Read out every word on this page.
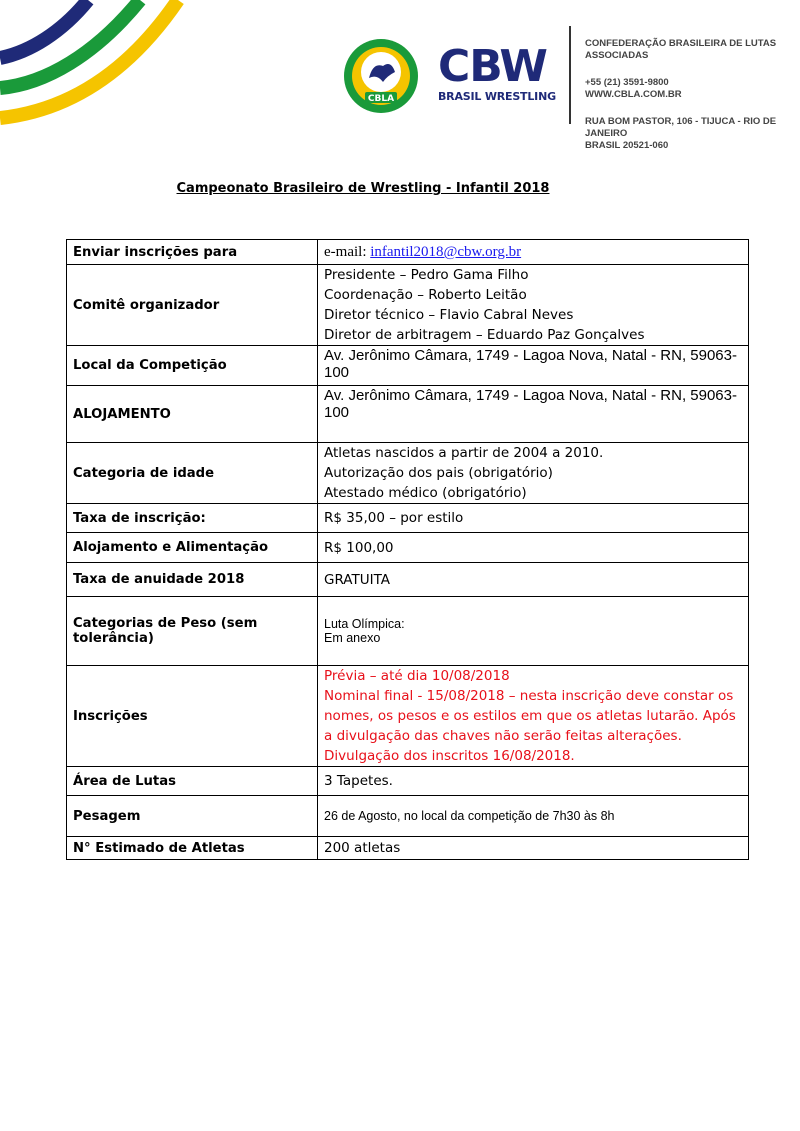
CBLA
CBW
BRASIL WRESTLING
CONFEDERAÇÃO BRASILEIRA DE LUTAS ASSOCIADAS
+55 (21) 3591-9800
WWW.CBLA.COM.BR
RUA BOM PASTOR, 106 - TIJUCA - RIO DE JANEIRO
BRASIL 20521-060
Campeonato Brasileiro de Wrestling - Infantil 2018
Enviar inscrições para	e-mail: infantil2018@cbw.org.br
Comitê organizador	Presidente – Pedro Gama Filho
Coordenação – Roberto Leitão
Diretor técnico – Flavio Cabral Neves
Diretor de arbitragem – Eduardo Paz Gonçalves

Local da Competição	Av. Jerônimo Câmara, 1749 - Lagoa Nova, Natal - RN, 59063-100
ALOJAMENTO	Av. Jerônimo Câmara, 1749 - Lagoa Nova, Natal - RN, 59063-100
Categoria de idade	Atletas nascidos a partir de 2004 a 2010.
Autorização dos pais (obrigatório)
Atestado médico (obrigatório)

Taxa de inscrição:	R$ 35,00 – por estilo
Alojamento e Alimentação	R$ 100,00
Taxa de anuidade 2018	GRATUITA
Categorias de Peso (sem tolerância)	Luta Olímpica:
Em anexo

Inscrições	Prévia – até dia 10/08/2018
Nominal final - 15/08/2018 – nesta inscrição deve constar os nomes, os pesos e os estilos em que os atletas lutarão. Após a divulgação das chaves não serão feitas alterações.
Divulgação dos inscritos 16/08/2018.

Área de Lutas	3 Tapetes.
Pesagem	26 de Agosto, no local da competição de 7h30 às 8h
N° Estimado de Atletas	200 atletas
